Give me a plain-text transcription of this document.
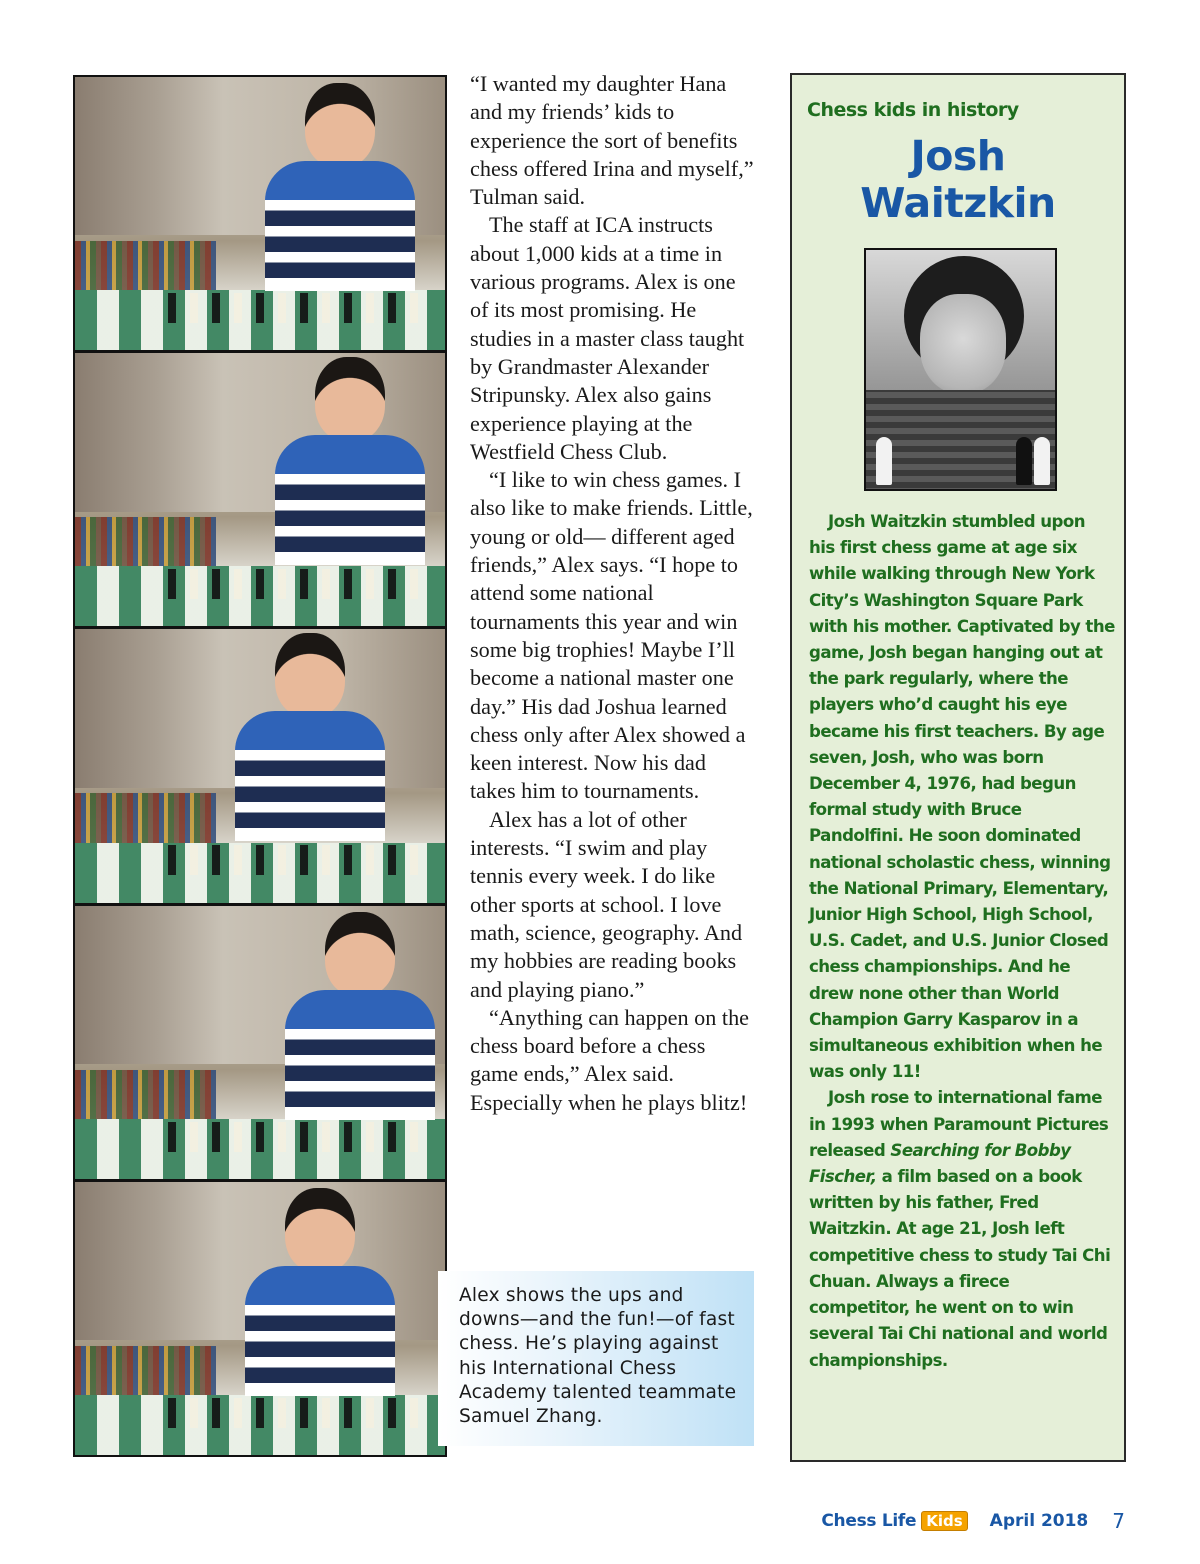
“I wanted my daughter Hana and my friends’ kids to experience the sort of benefits chess offered Irina and myself,” Tulman said.

The staff at ICA instructs about 1,000 kids at a time in various programs. Alex is one of its most promising. He studies in a master class taught by Grandmaster Alexander Stripunsky. Alex also gains experience playing at the Westfield Chess Club.

“I like to win chess games. I also like to make friends. Little, young or old— different aged friends,” Alex says. “I hope to attend some national tournaments this year and win some big trophies! Maybe I’ll become a national master one day.” His dad Joshua learned chess only after Alex showed a keen interest. Now his dad takes him to tournaments.

Alex has a lot of other interests. “I swim and play tennis every week. I do like other sports at school. I love math, science, geography. And my hobbies are reading books and playing piano.”

“Anything can happen on the chess board before a chess game ends,” Alex said. Especially when he plays blitz!

Alex shows the ups and downs—and the fun!—of fast chess. He’s playing against his International Chess Academy talented teammate Samuel Zhang.
Chess kids in history
Josh
Waitzkin

Josh Waitzkin stumbled upon his first chess game at age six while walking through New York City’s Washington Square Park with his mother. Captivated by the game, Josh began hanging out at the park regularly, where the players who’d caught his eye became his first teachers. By age seven, Josh, who was born December 4, 1976, had begun formal study with Bruce Pandolfini. He soon dominated national scholastic chess, winning the National Primary, Elementary, Junior High School, High School, U.S. Cadet, and U.S. Junior Closed chess championships. And he drew none other than World Champion Garry Kasparov in a simultaneous exhibition when he was only 11!

Josh rose to international fame in 1993 when Paramount Pictures released Searching for Bobby Fischer, a film based on a book written by his father, Fred Waitzkin. At age 21, Josh left competitive chess to study Tai Chi Chuan. Always a firece competitor, he went on to win several Tai Chi national and world championships.

Chess Life Kids April 2018 7
